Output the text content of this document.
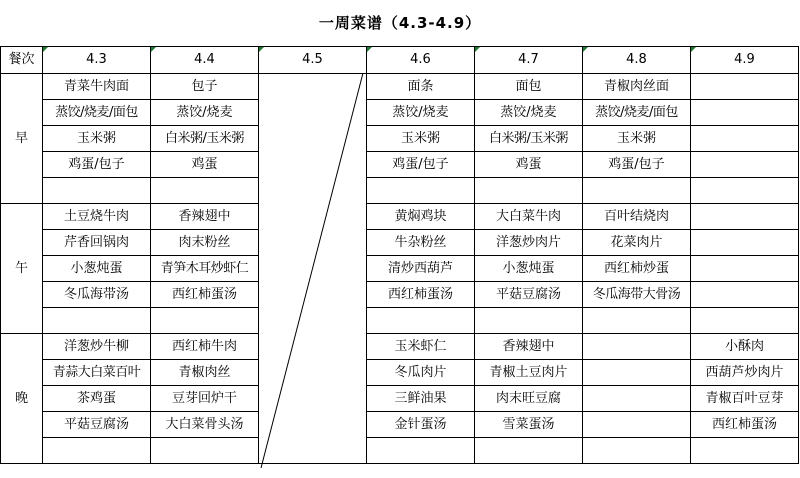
一周菜谱（4.3-4.9）
餐次	4.3	4.4	4.5	4.6	4.7	4.8	4.9
早	青菜牛肉面	包子		面条	面包	青椒肉丝面	
	蒸饺/烧麦/面包	蒸饺/烧麦		蒸饺/烧麦	蒸饺/烧麦	蒸饺/烧麦/面包	
	玉米粥	白米粥/玉米粥		玉米粥	白米粥/玉米粥	玉米粥	
	鸡蛋/包子	鸡蛋		鸡蛋/包子	鸡蛋	鸡蛋/包子	

午	土豆烧牛肉	香辣翅中		黄焖鸡块	大白菜牛肉	百叶结烧肉	
	芹香回锅肉	肉末粉丝		牛杂粉丝	洋葱炒肉片	花菜肉片	
	小葱炖蛋	青笋木耳炒虾仁		清炒西葫芦	小葱炖蛋	西红柿炒蛋	
	冬瓜海带汤	西红柿蛋汤		西红柿蛋汤	平菇豆腐汤	冬瓜海带大骨汤	

晚	洋葱炒牛柳	西红柿牛肉		玉米虾仁	香辣翅中		小酥肉
	青蒜大白菜百叶	青椒肉丝		冬瓜肉片	青椒土豆肉片		西葫芦炒肉片
	茶鸡蛋	豆芽回炉干		三鲜油果	肉末旺豆腐		青椒百叶豆芽
	平菇豆腐汤	大白菜骨头汤		金针蛋汤	雪菜蛋汤		西红柿蛋汤
